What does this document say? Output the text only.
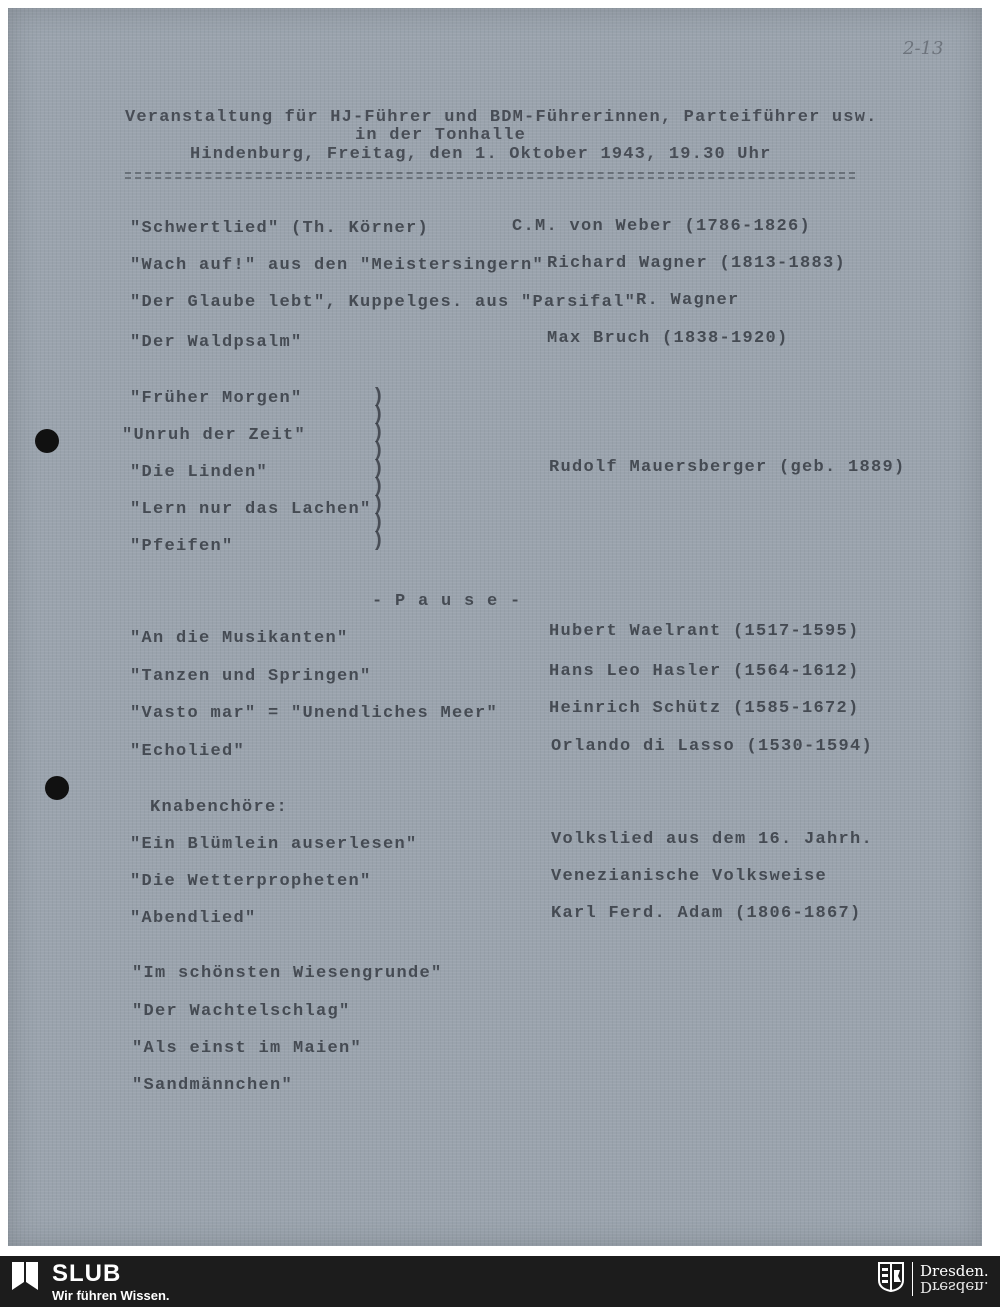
2-13
Veranstaltung für HJ-Führer und BDM-Führerinnen, Parteiführer usw.
in der Tonhalle
Hindenburg, Freitag, den 1. Oktober 1943, 19.30 Uhr
"Schwertlied" (Th. Körner)	C.M. von Weber (1786-1826)
"Wach auf!" aus den "Meistersingern" Richard Wagner (1813-1883)
"Der Glaube lebt", Kuppelges. aus "Parsifal" R. Wagner
"Der Waldpsalm"	Max Bruch (1838-1920)
"Früher Morgen"
"Unruh der Zeit"
"Die Linden"
"Lern nur das Lachen"
"Pfeifen"
)
)
)
)
)
)
)
)
)
Rudolf Mauersberger (geb. 1889)
- P a u s e -
"An die Musikanten"	Hubert Waelrant (1517-1595)
"Tanzen und Springen"	Hans Leo Hasler (1564-1612)
"Vasto mar" = "Unendliches Meer"	Heinrich Schütz (1585-1672)
"Echolied"	Orlando di Lasso (1530-1594)
Knabenchöre:
"Ein Blümlein auserlesen"	Volkslied aus dem 16. Jahrh.
"Die Wetterpropheten"	Venezianische Volksweise
"Abendlied"	Karl Ferd. Adam (1806-1867)
"Im schönsten Wiesengrunde"
"Der Wachtelschlag"
"Als einst im Maien"
"Sandmännchen"
SLUB
Wir führen Wissen.
Dresden.
Dresden.
